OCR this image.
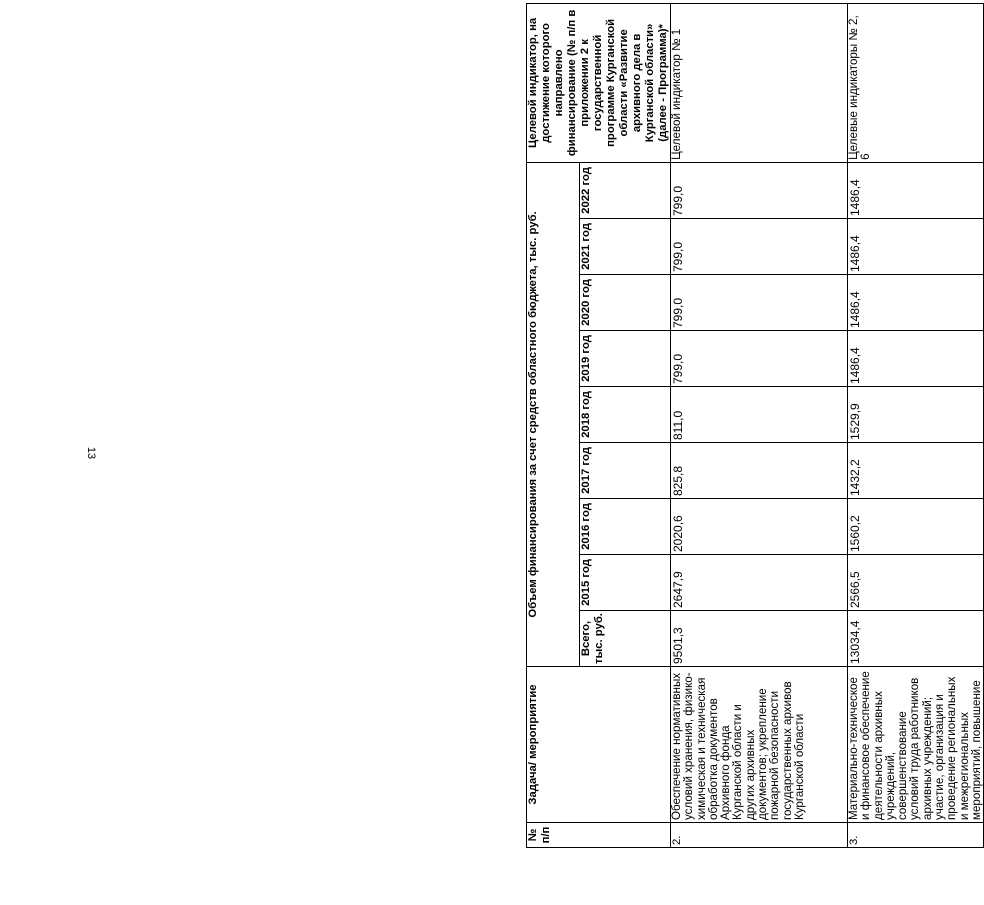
13
№ п/п	Задача/ мероприятие	Объем финансирования за счет средств областного бюджета, тыс. руб.									Целевой индикатор, на достижение которого направлено финансирование (№ п/п в приложении 2 к государственной программе Курганской области «Развитие архивного дела в Курганской области» (далее - Программа)*
		Всего, тыс. руб.	2015 год	2016 год	2017 год	2018 год	2019 год	2020 год	2021 год	2022 год	
2.	Обеспечение нормативных условий хранения, физико-химическая и техническая обработка документов Архивного фонда Курганской области и других архивных документов; укрепление пожарной безопасности государственных архивов Курганской области	9501,3	2647,9	2020,6	825,8	811,0	799,0	799,0	799,0	799,0	Целевой индикатор № 1
3.	Материально-техническое и финансовое обеспечение деятельности архивных учреждений, совершенствование условий труда работников архивных учреждений; участие, организация и проведение региональных и межрегиональных мероприятий, повышение	13034,4	2566,5	1560,2	1432,2	1529,9	1486,4	1486,4	1486,4	1486,4	Целевые индикаторы № 2, 6
